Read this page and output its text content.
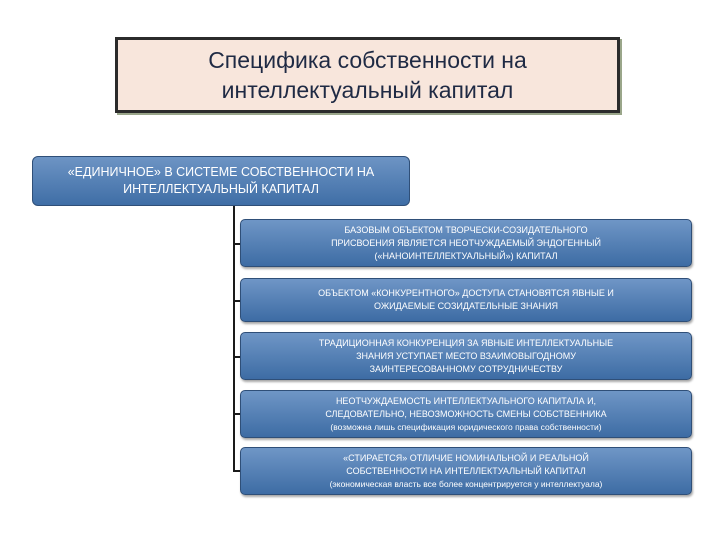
Специфика собственности на
интеллектуальный капитал
«ЕДИНИЧНОЕ» В СИСТЕМЕ СОБСТВЕННОСТИ НА
ИНТЕЛЛЕКТУАЛЬНЫЙ КАПИТАЛ
БАЗОВЫМ ОБЪЕКТОМ ТВОРЧЕСКИ-СОЗИДАТЕЛЬНОГО
ПРИСВОЕНИЯ ЯВЛЯЕТСЯ НЕОТЧУЖДАЕМЫЙ ЭНДОГЕННЫЙ
(«НАНОИНТЕЛЛЕКТУАЛЬНЫЙ») КАПИТАЛ
ОБЪЕКТОМ «КОНКУРЕНТНОГО» ДОСТУПА СТАНОВЯТСЯ ЯВНЫЕ И
ОЖИДАЕМЫЕ СОЗИДАТЕЛЬНЫЕ ЗНАНИЯ
ТРАДИЦИОННАЯ КОНКУРЕНЦИЯ ЗА ЯВНЫЕ ИНТЕЛЛЕКТУАЛЬНЫЕ
ЗНАНИЯ УСТУПАЕТ МЕСТО ВЗАИМОВЫГОДНОМУ
ЗАИНТЕРЕСОВАННОМУ СОТРУДНИЧЕСТВУ
НЕОТЧУЖДАЕМОСТЬ ИНТЕЛЛЕКТУАЛЬНОГО КАПИТАЛА И,
СЛЕДОВАТЕЛЬНО, НЕВОЗМОЖНОСТЬ СМЕНЫ СОБСТВЕННИКА
(возможна лишь спецификация юридического права собственности)
«СТИРАЕТСЯ» ОТЛИЧИЕ НОМИНАЛЬНОЙ И РЕАЛЬНОЙ
СОБСТВЕННОСТИ НА ИНТЕЛЛЕКТУАЛЬНЫЙ КАПИТАЛ
(экономическая власть все более концентрируется у интеллектуала)
